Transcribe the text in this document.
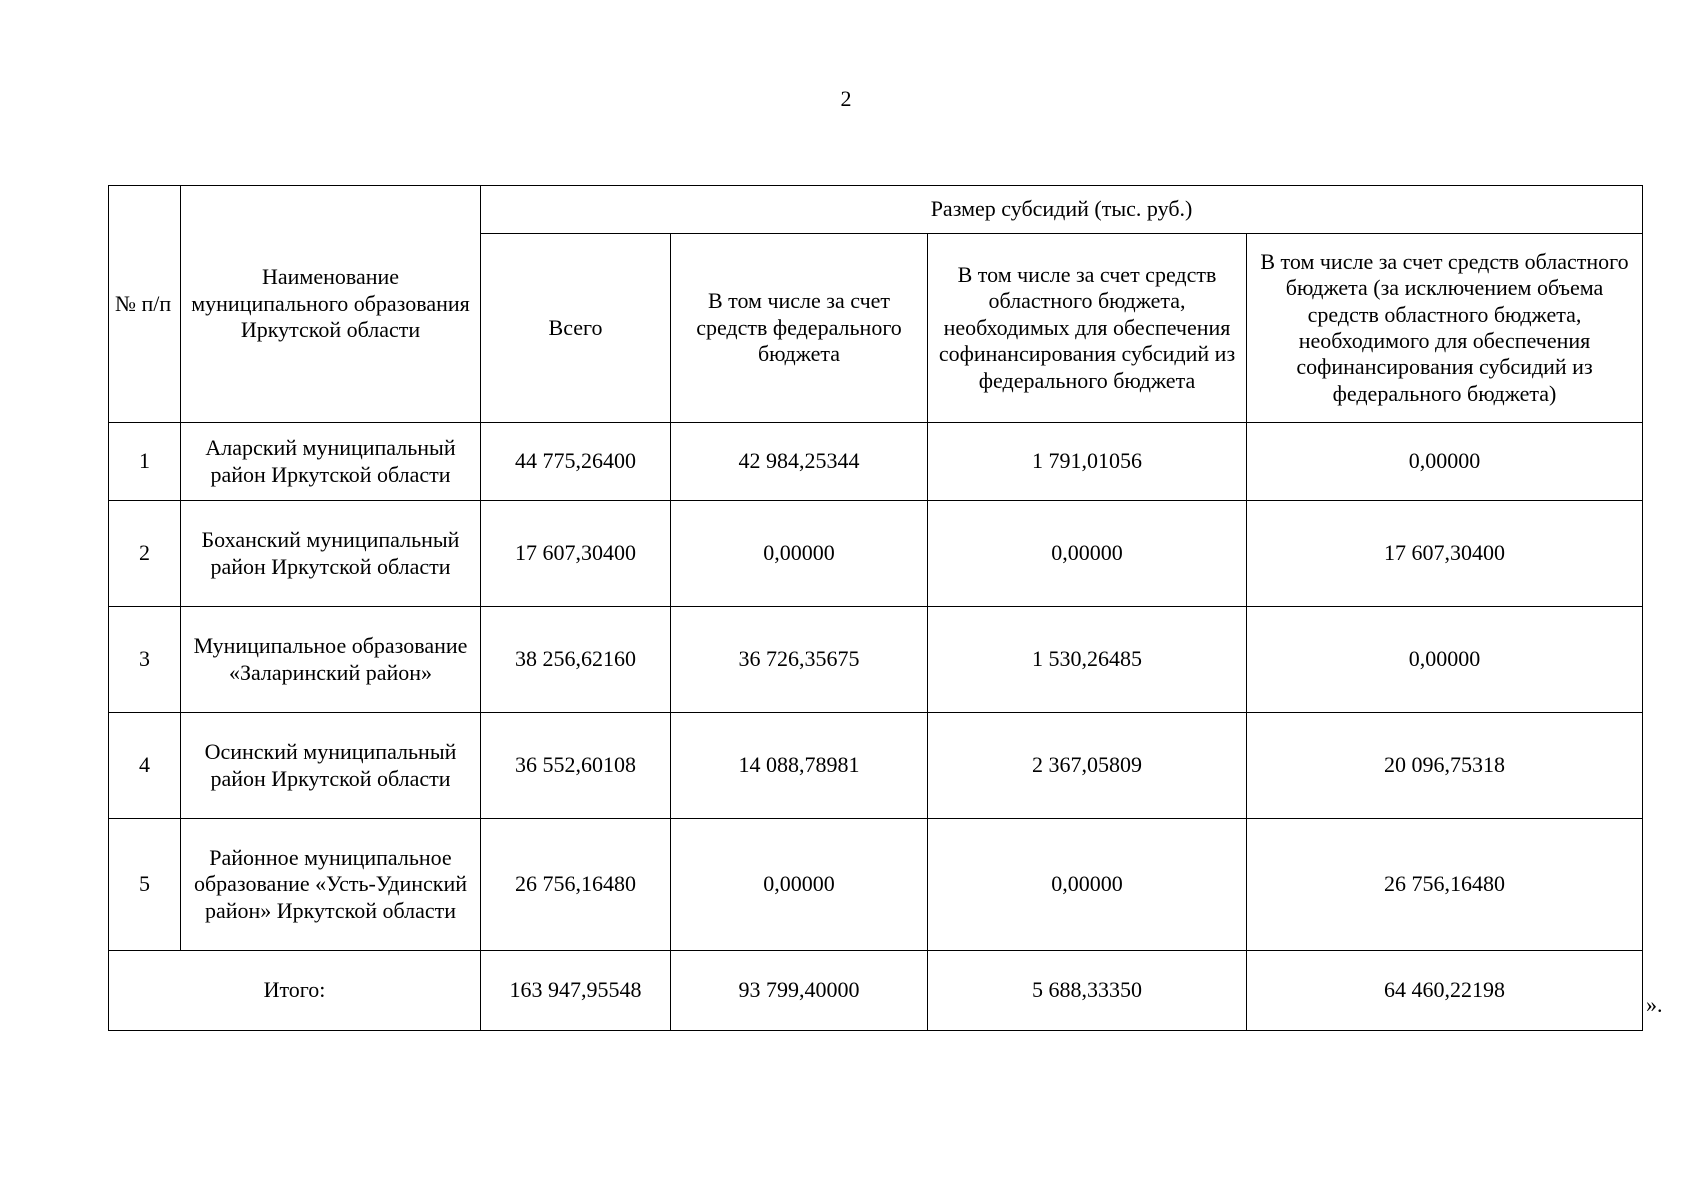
2
№ п/п	Наименование муниципального образования Иркутской области	Размер субсидий (тыс. руб.)			
		Всего	В том числе за счет средств федерального бюджета	В том числе за счет средств областного бюджета, необходимых для обеспечения софинансирования субсидий из федерального бюджета	В том числе за счет средств областного бюджета (за исключением объема средств областного бюджета, необходимого для обеспечения софинансирования субсидий из федерального бюджета)
1	Аларский муниципальный район Иркутской области	44 775,26400	42 984,25344	1 791,01056	0,00000
2	Боханский муниципальный район Иркутской области	17 607,30400	0,00000	0,00000	17 607,30400
3	Муниципальное образование «Заларинский район»	38 256,62160	36 726,35675	1 530,26485	0,00000
4	Осинский муниципальный район Иркутской области	36 552,60108	14 088,78981	2 367,05809	20 096,75318
5	Районное муниципальное образование «Усть-Удинский район» Иркутской области	26 756,16480	0,00000	0,00000	26 756,16480
Итого:		163 947,95548	93 799,40000	5 688,33350	64 460,22198
».
